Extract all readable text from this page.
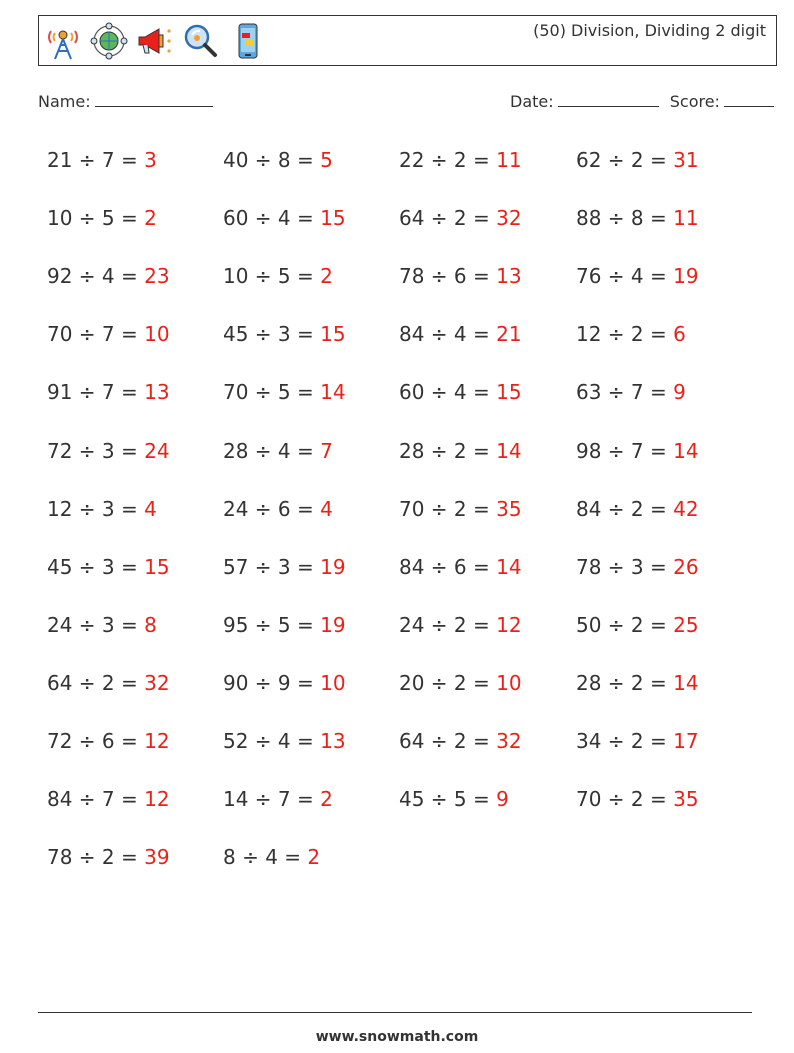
(50) Division, Dividing 2 digit
Name:	Date:	Score:
21 ÷ 7 = 3
10 ÷ 5 = 2
92 ÷ 4 = 23
70 ÷ 7 = 10
91 ÷ 7 = 13
72 ÷ 3 = 24
12 ÷ 3 = 4
45 ÷ 3 = 15
24 ÷ 3 = 8
64 ÷ 2 = 32
72 ÷ 6 = 12
84 ÷ 7 = 12
78 ÷ 2 = 39
40 ÷ 8 = 5
60 ÷ 4 = 15
10 ÷ 5 = 2
45 ÷ 3 = 15
70 ÷ 5 = 14
28 ÷ 4 = 7
24 ÷ 6 = 4
57 ÷ 3 = 19
95 ÷ 5 = 19
90 ÷ 9 = 10
52 ÷ 4 = 13
14 ÷ 7 = 2
8 ÷ 4 = 2
22 ÷ 2 = 11
64 ÷ 2 = 32
78 ÷ 6 = 13
84 ÷ 4 = 21
60 ÷ 4 = 15
28 ÷ 2 = 14
70 ÷ 2 = 35
84 ÷ 6 = 14
24 ÷ 2 = 12
20 ÷ 2 = 10
64 ÷ 2 = 32
45 ÷ 5 = 9
62 ÷ 2 = 31
88 ÷ 8 = 11
76 ÷ 4 = 19
12 ÷ 2 = 6
63 ÷ 7 = 9
98 ÷ 7 = 14
84 ÷ 2 = 42
78 ÷ 3 = 26
50 ÷ 2 = 25
28 ÷ 2 = 14
34 ÷ 2 = 17
70 ÷ 2 = 35
www.snowmath.com
